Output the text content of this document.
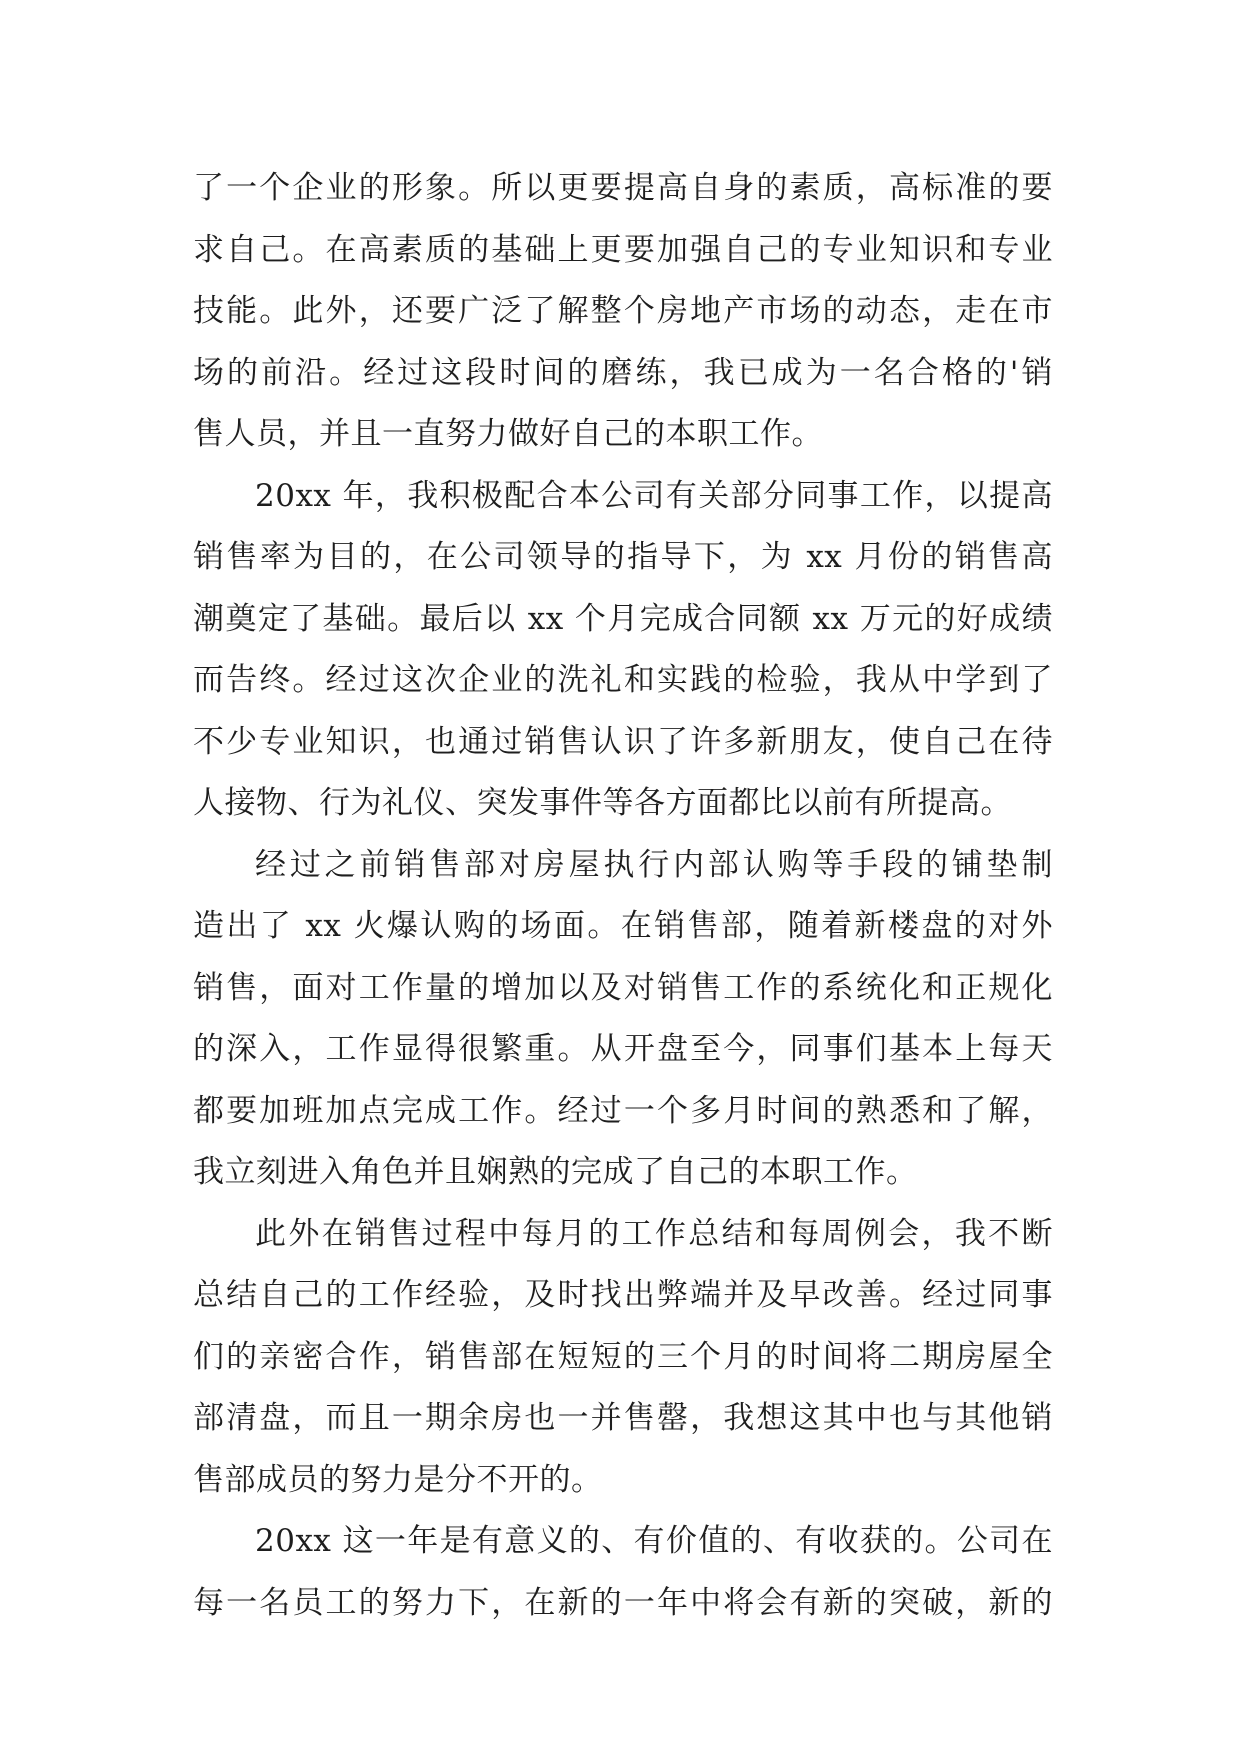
了一个企业的形象。所以更要提高自身的素质，高标准的要
求自己。在高素质的基础上更要加强自己的专业知识和专业
技能。此外，还要广泛了解整个房地产市场的动态，走在市
场的前沿。经过这段时间的磨练，我已成为一名合格的'销
售人员，并且一直努力做好自己的本职工作。
20xx 年，我积极配合本公司有关部分同事工作，以提高
销售率为目的，在公司领导的指导下，为 xx 月份的销售高
潮奠定了基础。最后以 xx 个月完成合同额 xx 万元的好成绩
而告终。经过这次企业的洗礼和实践的检验，我从中学到了
不少专业知识，也通过销售认识了许多新朋友，使自己在待
人接物、行为礼仪、突发事件等各方面都比以前有所提高。
经过之前销售部对房屋执行内部认购等手段的铺垫制
造出了 xx 火爆认购的场面。在销售部，随着新楼盘的对外
销售，面对工作量的增加以及对销售工作的系统化和正规化
的深入，工作显得很繁重。从开盘至今，同事们基本上每天
都要加班加点完成工作。经过一个多月时间的熟悉和了解，
我立刻进入角色并且娴熟的完成了自己的本职工作。
此外在销售过程中每月的工作总结和每周例会，我不断
总结自己的工作经验，及时找出弊端并及早改善。经过同事
们的亲密合作，销售部在短短的三个月的时间将二期房屋全
部清盘，而且一期余房也一并售罄，我想这其中也与其他销
售部成员的努力是分不开的。
20xx 这一年是有意义的、有价值的、有收获的。公司在
每一名员工的努力下，在新的一年中将会有新的突破，新的
